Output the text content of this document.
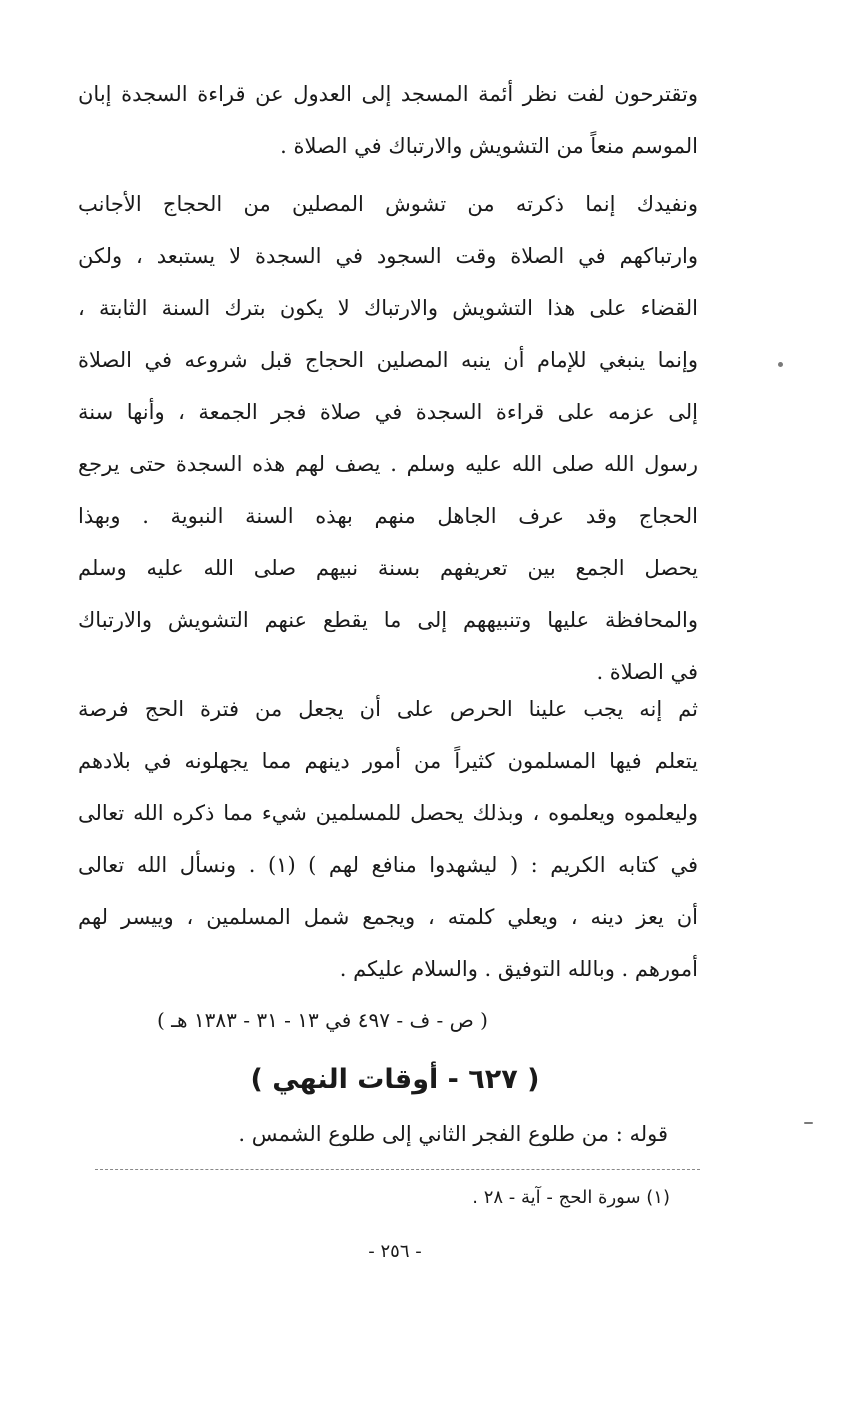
وتقترحون لفت نظر أئمة المسجد إلى العدول عن قراءة السجدة إبان
الموسم منعاً من التشويش والارتباك في الصلاة .
ونفيدك إنما ذكرته من تشوش المصلين من الحجاج الأجانب
وارتباكهم في الصلاة وقت السجود في السجدة لا يستبعد ، ولكن
القضاء على هذا التشويش والارتباك لا يكون بترك السنة الثابتة ،
وإنما ينبغي للإمام أن ينبه المصلين الحجاج قبل شروعه في الصلاة
إلى عزمه على قراءة السجدة في صلاة فجر الجمعة ، وأنها سنة
رسول الله صلى الله عليه وسلم . يصف لهم هذه السجدة حتى يرجع
الحجاج وقد عرف الجاهل منهم بهذه السنة النبوية . وبهذا
يحصل الجمع بين تعريفهم بسنة نبيهم صلى الله عليه وسلم
والمحافظة عليها وتنبيههم إلى ما يقطع عنهم التشويش والارتباك
في الصلاة .
ثم إنه يجب علينا الحرص على أن يجعل من فترة الحج فرصة
يتعلم فيها المسلمون كثيراً من أمور دينهم مما يجهلونه في بلادهم
وليعلموه ويعلموه ، وبذلك يحصل للمسلمين شيء مما ذكره الله تعالى
في كتابه الكريم : ( ليشهدوا منافع لهم ) (١) . ونسأل الله تعالى
أن يعز دينه ، ويعلي كلمته ، ويجمع شمل المسلمين ، وييسر لهم
أمورهم . وبالله التوفيق . والسلام عليكم .
( ص - ف - ٤٩٧ في ١٣ - ٣١ - ١٣٨٣ هـ )
( ٦٢٧ - أوقات النهي )
قوله : من طلوع الفجر الثاني إلى طلوع الشمس .
(١) سورة الحج - آية - ٢٨ .
- ٢٥٦ -
